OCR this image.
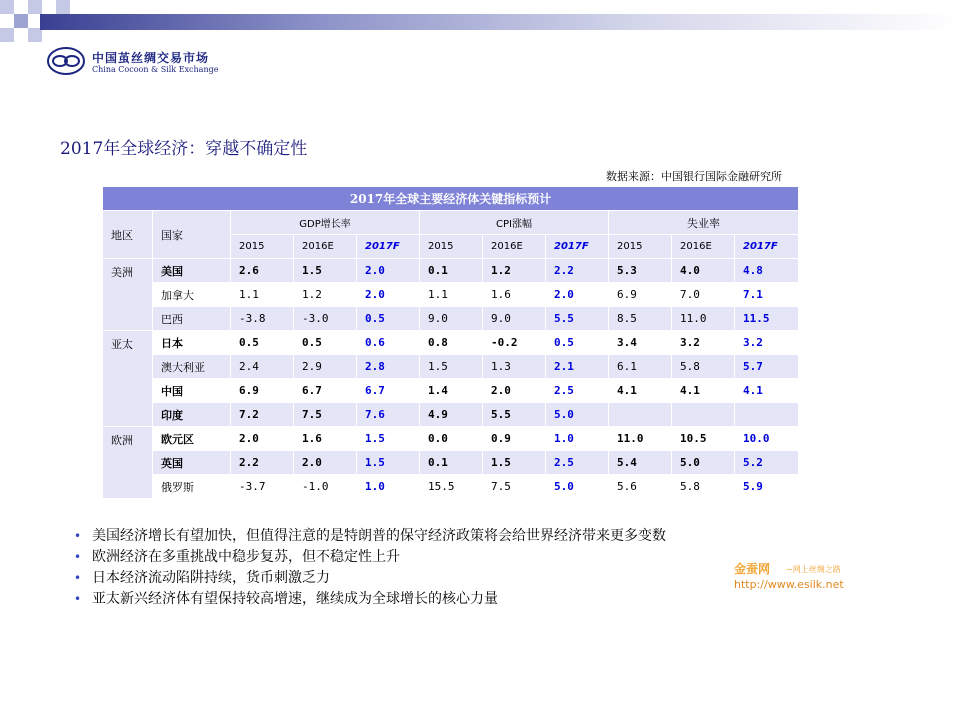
中国茧丝绸交易市场
China Cocoon & Silk Exchange
2017年全球经济：穿越不确定性
数据来源：中国银行国际金融研究所
2017年全球主要经济体关键指标预计										
地区	国家	GDP增长率			CPI涨幅			失业率		
		2015	2016E	2017F	2015	2016E	2017F	2015	2016E	2017F
美洲	美国	2.6	1.5	2.0	0.1	1.2	2.2	5.3	4.0	4.8
	加拿大	1.1	1.2	2.0	1.1	1.6	2.0	6.9	7.0	7.1
	巴西	-3.8	-3.0	0.5	9.0	9.0	5.5	8.5	11.0	11.5
亚太	日本	0.5	0.5	0.6	0.8	-0.2	0.5	3.4	3.2	3.2
	澳大利亚	2.4	2.9	2.8	1.5	1.3	2.1	6.1	5.8	5.7
	中国	6.9	6.7	6.7	1.4	2.0	2.5	4.1	4.1	4.1
	印度	7.2	7.5	7.6	4.9	5.5	5.0			
欧洲	欧元区	2.0	1.6	1.5	0.0	0.9	1.0	11.0	10.5	10.0
	英国	2.2	2.0	1.5	0.1	1.5	2.5	5.4	5.0	5.2
	俄罗斯	-3.7	-1.0	1.0	15.5	7.5	5.0	5.6	5.8	5.9
• 美国经济增长有望加快，但值得注意的是特朗普的保守经济政策将会给世界经济带来更多变数
• 欧洲经济在多重挑战中稳步复苏，但不稳定性上升
• 日本经济流动陷阱持续，货币刺激乏力
• 亚太新兴经济体有望保持较高增速，继续成为全球增长的核心力量
金蚕网 ~网上丝绸之路
http://www.esilk.net
